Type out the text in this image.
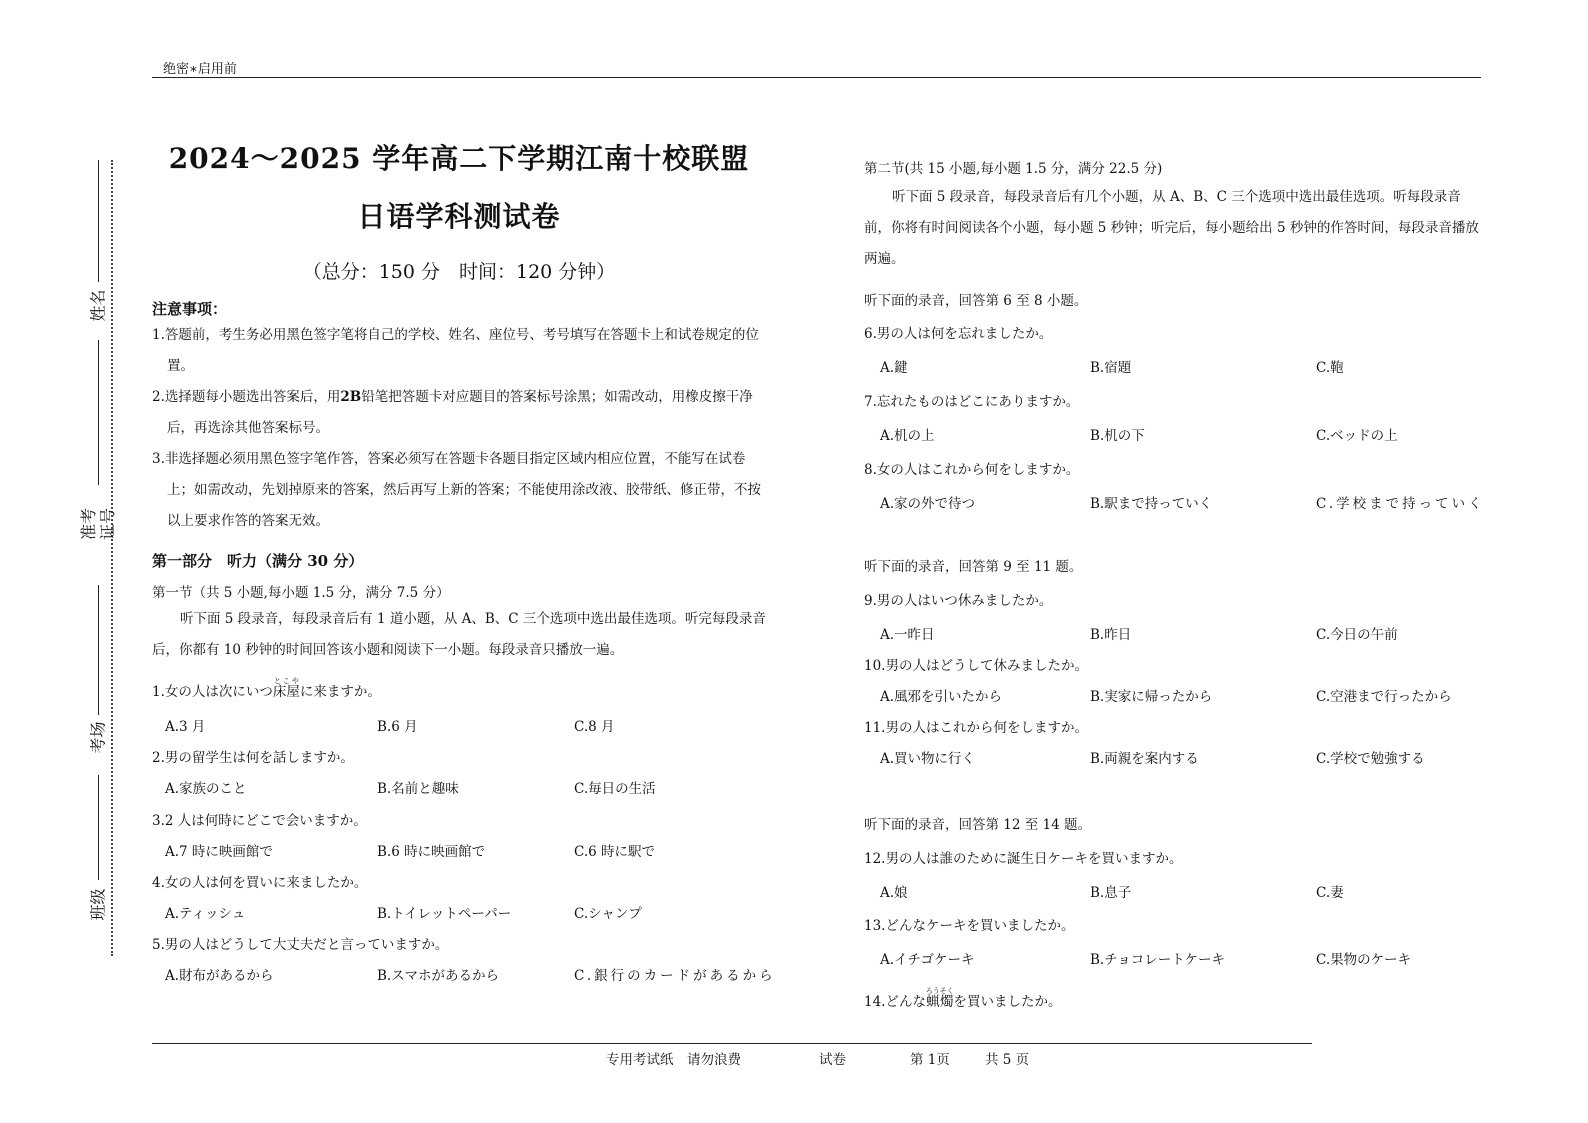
绝密∗启用前
姓名
准考证号
考场
班级
2024～2025 学年高二下学期江南十校联盟
日语学科测试卷
（总分：150 分　时间：120 分钟）
注意事项：

1.答题前，考生务必用黑色签字笔将自己的学校、姓名、座位号、考号填写在答题卡上和试卷规定的位置。

2.选择题每小题选出答案后，用2B铅笔把答题卡对应题目的答案标号涂黑；如需改动，用橡皮擦干净后，再选涂其他答案标号。

3.非选择题必须用黑色签字笔作答，答案必须写在答题卡各题目指定区域内相应位置，不能写在试卷上；如需改动，先划掉原来的答案，然后再写上新的答案；不能使用涂改液、胶带纸、修正带，不按以上要求作答的答案无效。

第一部分　听力（满分 30 分）
第一节（共 5 小题,每小题 1.5 分，满分 7.5 分）
听下面 5 段录音，每段录音后有 1 道小题，从 A、B、C 三个选项中选出最佳选项。听完每段录音后，你都有 10 秒钟的时间回答该小题和阅读下一小题。每段录音只播放一遍。
1.女の人は次にいつ床屋とこやに来ますか。
A.3 月	B.6 月	C.8 月
2.男の留学生は何を話しますか。
A.家族のこと	B.名前と趣味	C.毎日の生活
3.2 人は何時にどこで会いますか。
A.7 時に映画館で	B.6 時に映画館で	C.6 時に駅で
4.女の人は何を買いに来ましたか。
A.ティッシュ	B.トイレットペーパー	C.シャンプ
5.男の人はどうして大丈夫だと言っていますか。
A.財布があるから	B.スマホがあるから	C.銀行のカードがあるから
第二节(共 15 小题,每小题 1.5 分，满分 22.5 分)
听下面 5 段录音，每段录音后有几个小题，从 A、B、C 三个选项中选出最佳选项。听每段录音前，你将有时间阅读各个小题，每小题 5 秒钟；听完后，每小题给出 5 秒钟的作答时间，每段录音播放两遍。
听下面的录音，回答第 6 至 8 小题。
6.男の人は何を忘れましたか。
A.鍵	B.宿題	C.鞄
7.忘れたものはどこにありますか。
A.机の上	B.机の下	C.ベッドの上
8.女の人はこれから何をしますか。
A.家の外で待つ	B.駅まで持っていく	C.学校まで持っていく
听下面的录音，回答第 9 至 11 题。
9.男の人はいつ休みましたか。
A.一昨日	B.昨日	C.今日の午前
10.男の人はどうして休みましたか。
A.風邪を引いたから	B.実家に帰ったから	C.空港まで行ったから
11.男の人はこれから何をしますか。
A.買い物に行く	B.両親を案内する	C.学校で勉強する
听下面的录音，回答第 12 至 14 题。
12.男の人は誰のために誕生日ケーキを買いますか。
A.娘	B.息子	C.妻
13.どんなケーキを買いましたか。
A.イチゴケーキ	B.チョコレートケーキ	C.果物のケーキ
14.どんな蝋燭ろうそくを買いましたか。
专用考试纸　请勿浪费	试卷	第 1页	共 5 页
